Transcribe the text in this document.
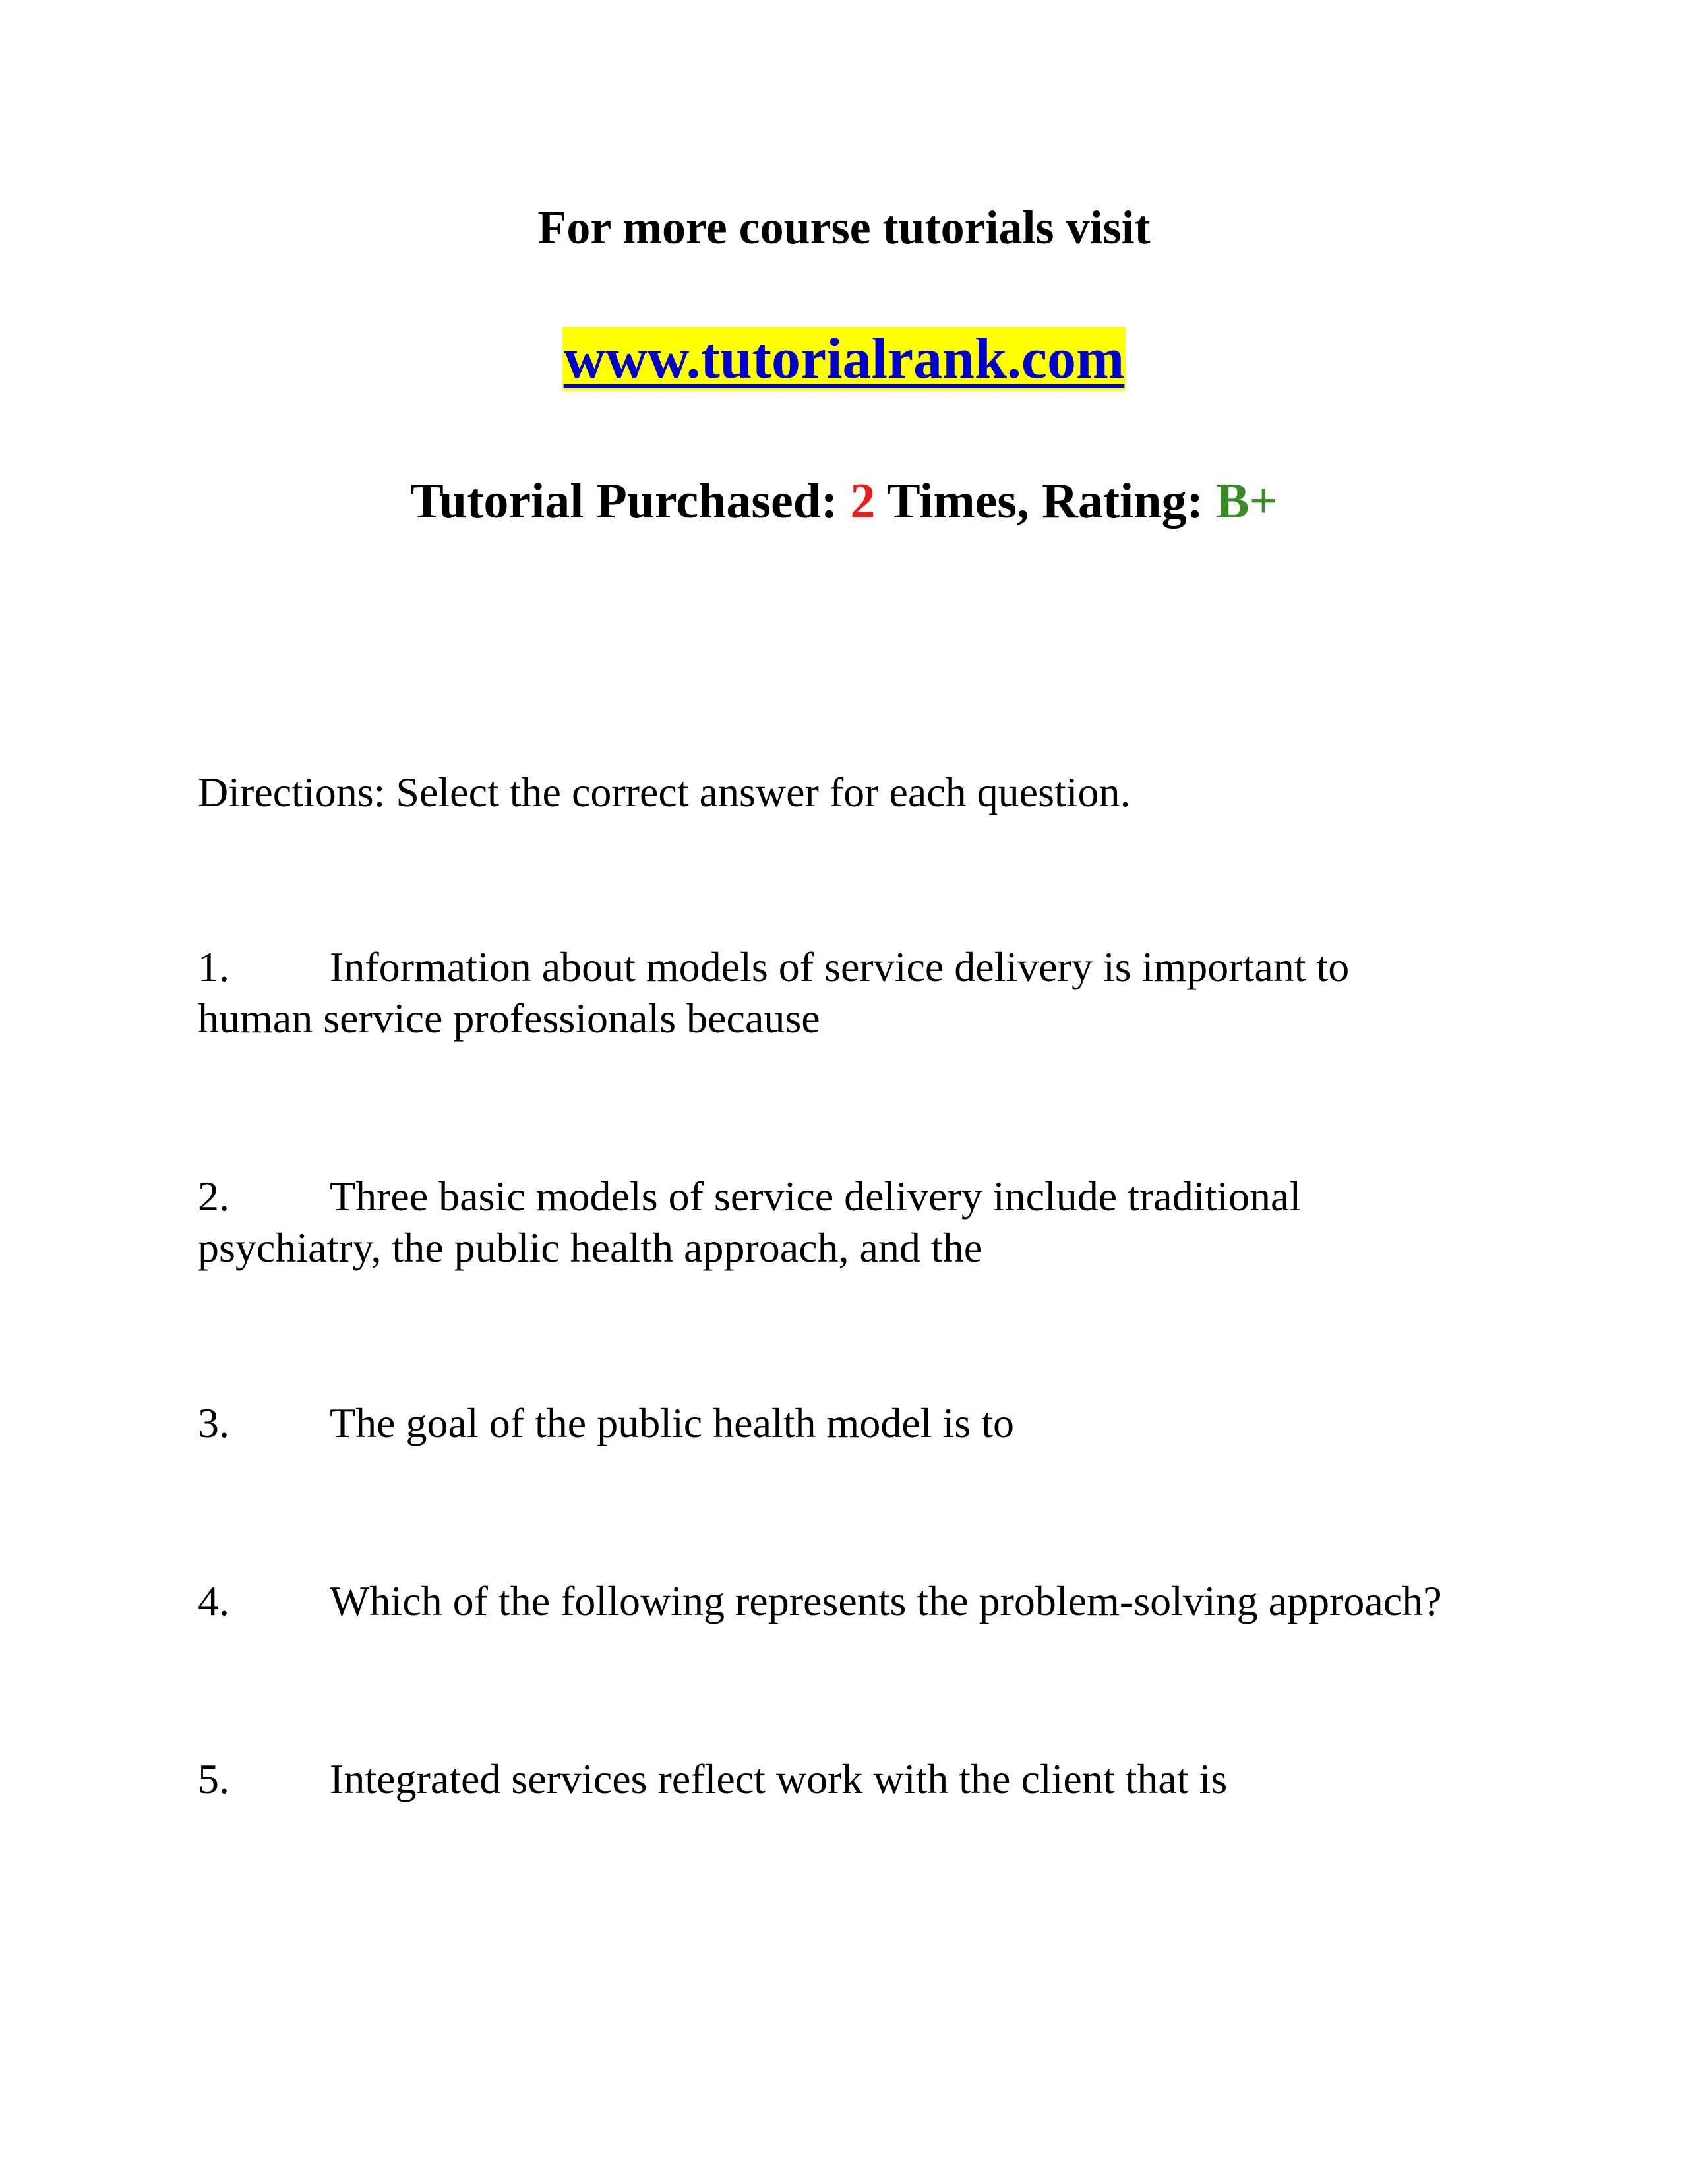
For more course tutorials visit
www.tutorialrank.com
Tutorial Purchased: 2 Times, Rating: B+
Directions: Select the correct answer for each question.
1. Information about models of service delivery is important to
human service professionals because
2. Three basic models of service delivery include traditional
psychiatry, the public health approach, and the
3. The goal of the public health model is to
4. Which of the following represents the problem-solving approach?
5. Integrated services reflect work with the client that is
